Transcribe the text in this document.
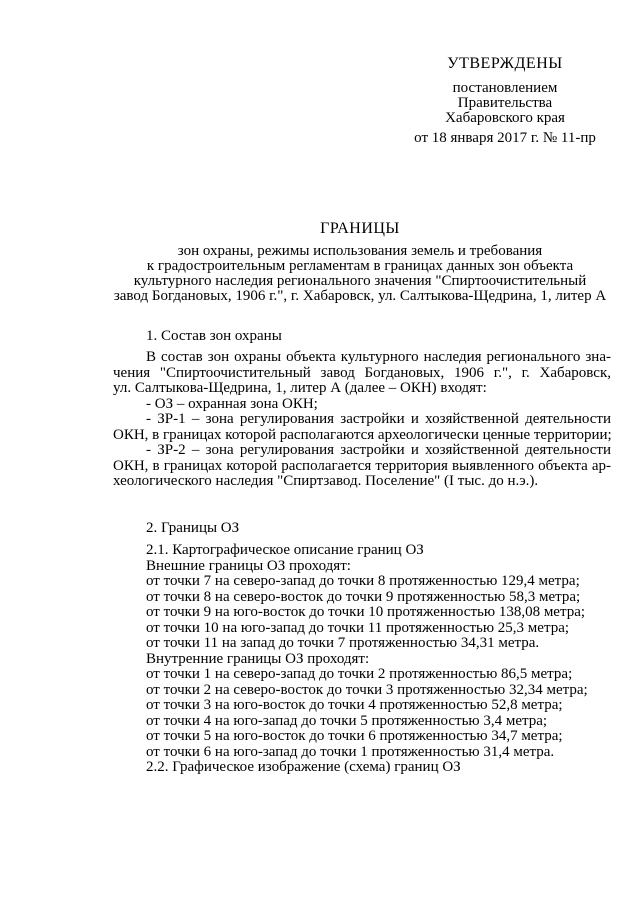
УТВЕРЖДЕНЫ
постановлением
Правительства
Хабаровского края
от 18 января 2017 г. № 11-пр
ГРАНИЦЫ
зон охраны, режимы использования земель и требования
к градостроительным регламентам в границах данных зон объекта
культурного наследия регионального значения "Спиртоочистительный
завод Богдановых, 1906 г.", г. Хабаровск, ул. Салтыкова-Щедрина, 1, литер А
1. Состав зон охраны
В состав зон охраны объекта культурного наследия регионального зна-
чения "Спиртоочистительный завод Богдановых, 1906 г.", г. Хабаровск,
ул. Салтыкова-Щедрина, 1, литер А (далее – ОКН) входят:
- ОЗ – охранная зона ОКН;
- ЗР-1 – зона регулирования застройки и хозяйственной деятельности
ОКН, в границах которой располагаются археологически ценные территории;
- ЗР-2 – зона регулирования застройки и хозяйственной деятельности
ОКН, в границах которой располагается территория выявленного объекта ар-
хеологического наследия "Спиртзавод. Поселение" (I тыс. до н.э.).
2. Границы ОЗ
2.1. Картографическое описание границ ОЗ
Внешние границы ОЗ проходят:
от точки 7 на северо-запад до точки 8 протяженностью 129,4 метра;
от точки 8 на северо-восток до точки 9 протяженностью 58,3 метра;
от точки 9 на юго-восток до точки 10 протяженностью 138,08 метра;
от точки 10 на юго-запад до точки 11 протяженностью 25,3 метра;
от точки 11 на запад до точки 7 протяженностью 34,31 метра.
Внутренние границы ОЗ проходят:
от точки 1 на северо-запад до точки 2 протяженностью 86,5 метра;
от точки 2 на северо-восток до точки 3 протяженностью 32,34 метра;
от точки 3 на юго-восток до точки 4 протяженностью 52,8 метра;
от точки 4 на юго-запад до точки 5 протяженностью 3,4 метра;
от точки 5 на юго-восток до точки 6 протяженностью 34,7 метра;
от точки 6 на юго-запад до точки 1 протяженностью 31,4 метра.
2.2. Графическое изображение (схема) границ ОЗ
